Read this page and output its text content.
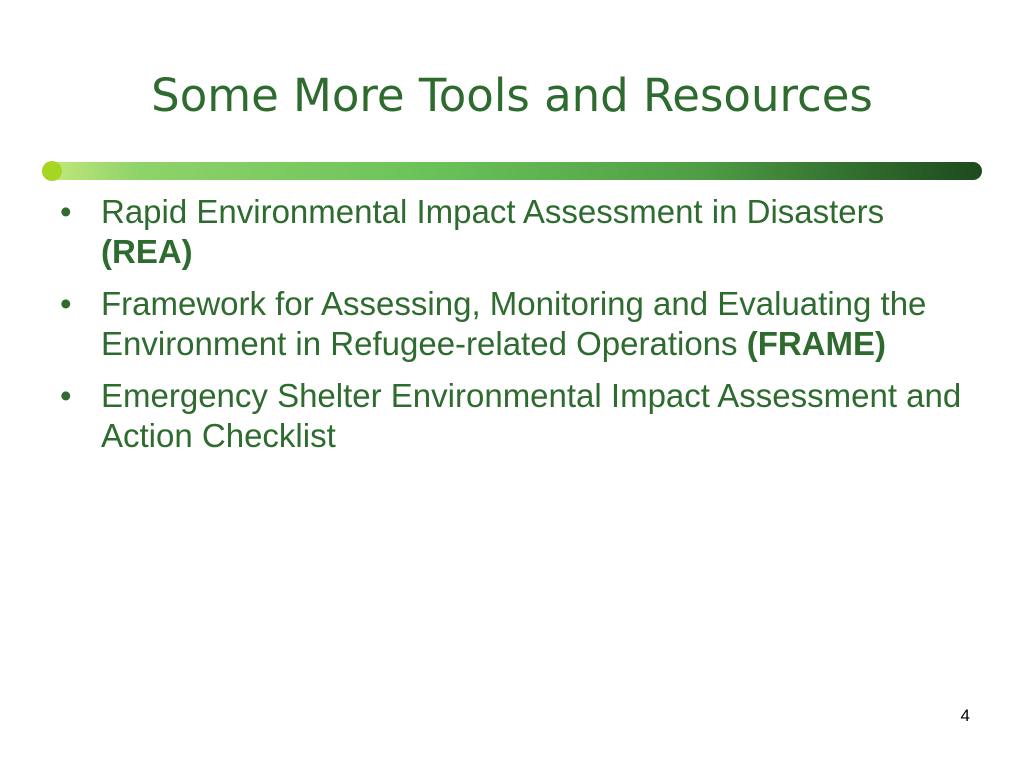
Some More Tools and Resources
• Rapid Environmental Impact Assessment in Disasters (REA)
• Framework for Assessing, Monitoring and Evaluating the Environment in Refugee-related Operations (FRAME)
• Emergency Shelter Environmental Impact Assessment and Action Checklist
4
